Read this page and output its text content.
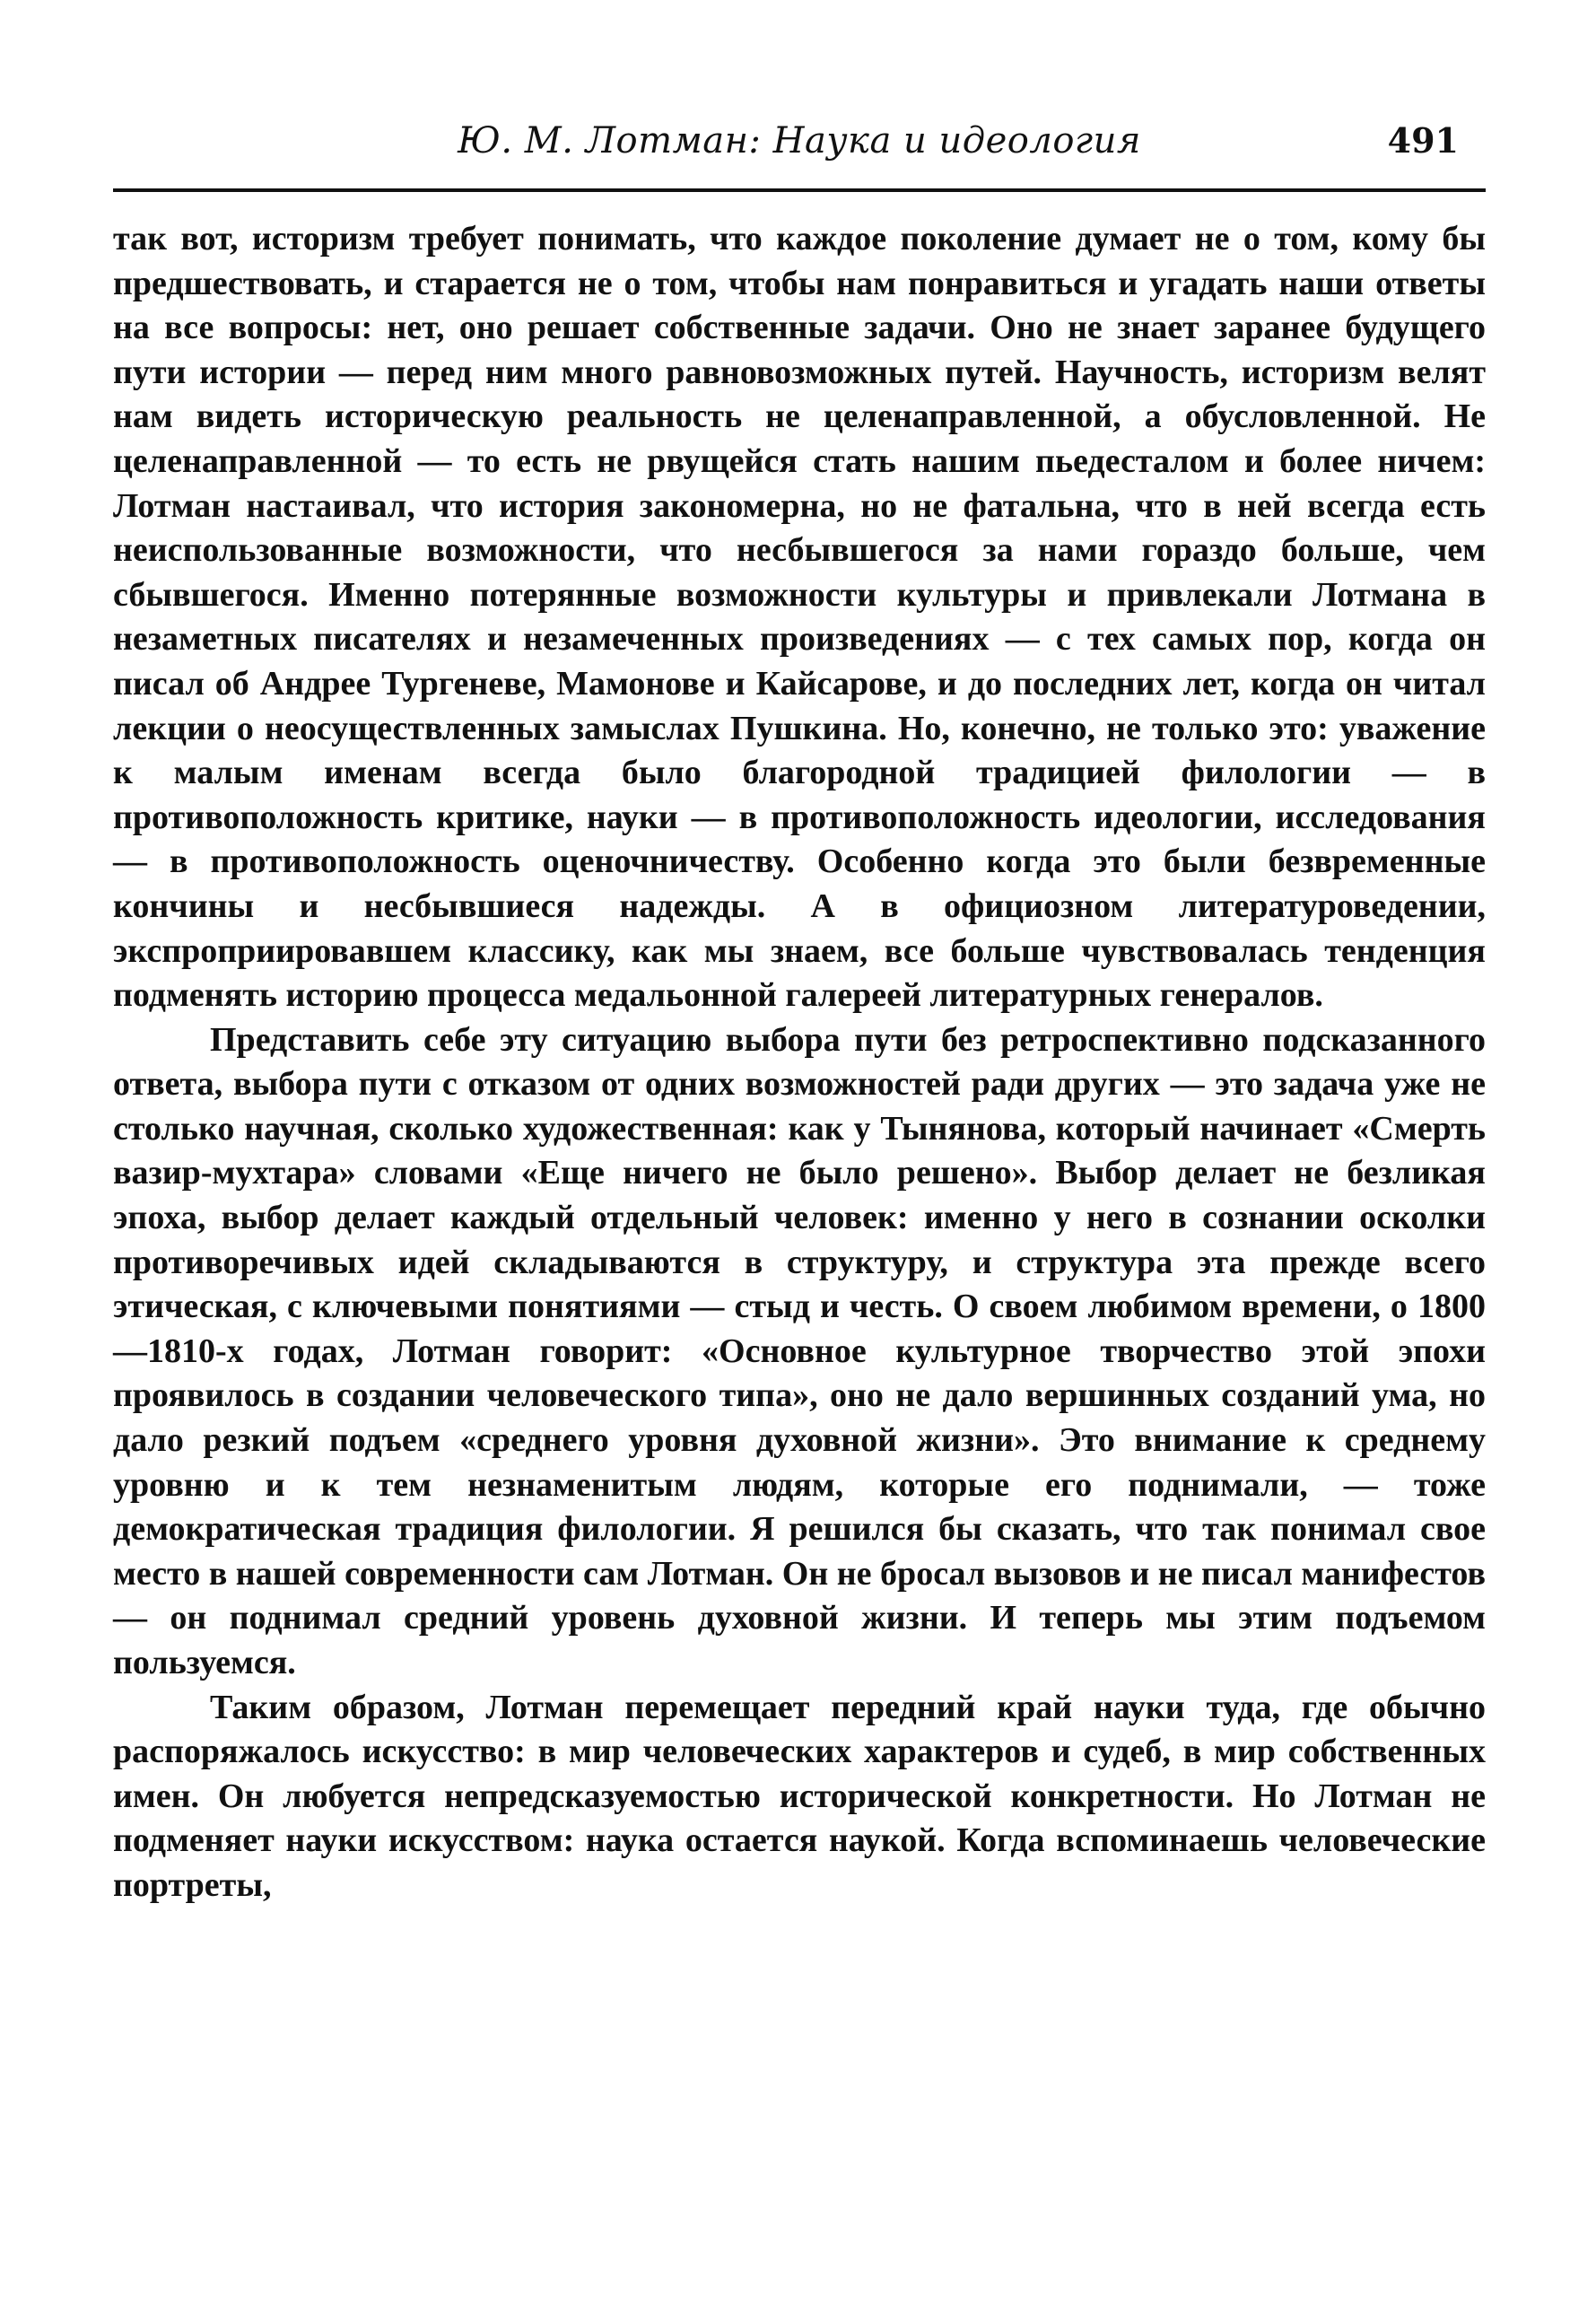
Ю. М. Лотман: Наука и идеология	491

так вот, историзм требует понимать, что каждое поколение думает не о том, кому бы предшествовать, и старается не о том, чтобы нам понравиться и угадать наши ответы на все вопросы: нет, оно решает собственные задачи. Оно не знает заранее будущего пути истории — перед ним много равновозможных путей. Научность, историзм велят нам видеть историческую реальность не целенаправленной, а обусловленной. Не целенаправленной — то есть не рвущейся стать нашим пьедесталом и более ничем: Лотман настаивал, что история закономерна, но не фатальна, что в ней всегда есть неиспользованные возможности, что несбывшегося за нами гораздо больше, чем сбывшегося. Именно потерянные возможности культуры и привлекали Лотмана в незаметных писателях и незамеченных произведениях — с тех самых пор, когда он писал об Андрее Тургеневе, Мамонове и Кайсарове, и до последних лет, когда он читал лекции о неосуществленных замыслах Пушкина. Но, конечно, не только это: уважение к малым именам всегда было благородной традицией филологии — в противоположность критике, науки — в противоположность идеологии, исследования — в противоположность оценочничеству. Особенно когда это были безвременные кончины и несбывшиеся надежды. А в официозном литературоведении, экспроприировавшем классику, как мы знаем, все больше чувствовалась тенденция подменять историю процесса медальонной галереей литературных генералов.

Представить себе эту ситуацию выбора пути без ретроспективно подсказанного ответа, выбора пути с отказом от одних возможностей ради других — это задача уже не столько научная, сколько художественная: как у Тынянова, который начинает «Смерть вазир-мухтара» словами «Еще ничего не было решено». Выбор делает не безликая эпоха, выбор делает каждый отдельный человек: именно у него в сознании осколки противоречивых идей складываются в структуру, и структура эта прежде всего этическая, с ключевыми понятиями — стыд и честь. О своем любимом времени, о 1800—1810-х годах, Лотман говорит: «Основное культурное творчество этой эпохи проявилось в создании человеческого типа», оно не дало вершинных созданий ума, но дало резкий подъем «среднего уровня духовной жизни». Это внимание к среднему уровню и к тем незнаменитым людям, которые его поднимали, — тоже демократическая традиция филологии. Я решился бы сказать, что так понимал свое место в нашей современности сам Лотман. Он не бросал вызовов и не писал манифестов — он поднимал средний уровень духовной жизни. И теперь мы этим подъемом пользуемся.

Таким образом, Лотман перемещает передний край науки туда, где обычно распоряжалось искусство: в мир человеческих характеров и судеб, в мир собственных имен. Он любуется непредсказуемостью исторической конкретности. Но Лотман не подменяет науки искусством: наука остается наукой. Когда вспоминаешь человеческие портреты,
